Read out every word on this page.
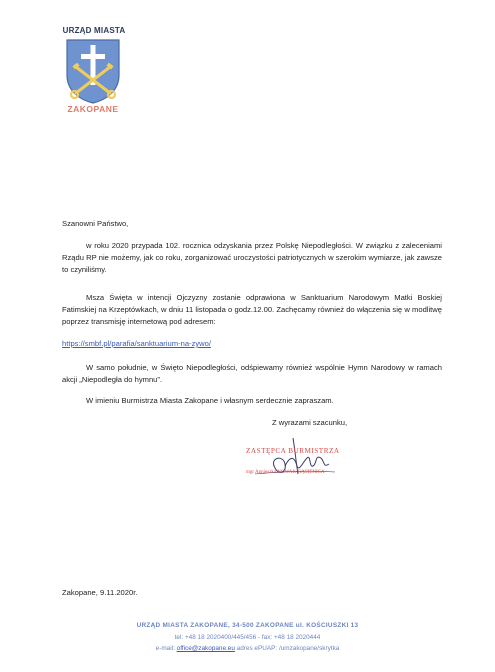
URZĄD MIASTA
ZAKOPANE
Szanowni Państwo,
w roku 2020 przypada 102. rocznica odzyskania przez Polskę Niepodległości. W związku z zaleceniami Rządu RP nie możemy, jak co roku, zorganizować uroczystości patriotycznych w szerokim wymiarze, jak zawsze to czyniliśmy.
Msza Święta w intencji Ojczyzny zostanie odprawiona w Sanktuarium Narodowym Matki Boskiej Fatimskiej na Krzeptówkach, w dniu 11 listopada o godz.12.00. Zachęcamy również do włączenia się w modlitwę poprzez transmisję internetową pod adresem:
https://smbf.pl/parafia/sanktuarium-na-zywo/
W samo południe, w Święto Niepodległości, odśpiewamy również wspólnie Hymn Narodowy w ramach akcji „Niepodległa do hymnu”.
W imieniu Burmistrza Miasta Zakopane i własnym serdecznie zapraszam.
Z wyrazami szacunku,
ZASTĘPCA BURMISTRZA
mgr Agnieszka NOWAK-GĄSIENICA
Zakopane, 9.11.2020r.
URZĄD MIASTA ZAKOPANE, 34-500 ZAKOPANE ul. KOŚCIUSZKI 13
tel: +48 18 2020400/445/456 - fax: +48 18 2020444
e-mail: office@zakopane.eu adres ePUAP: /umzakopane/skrytka
